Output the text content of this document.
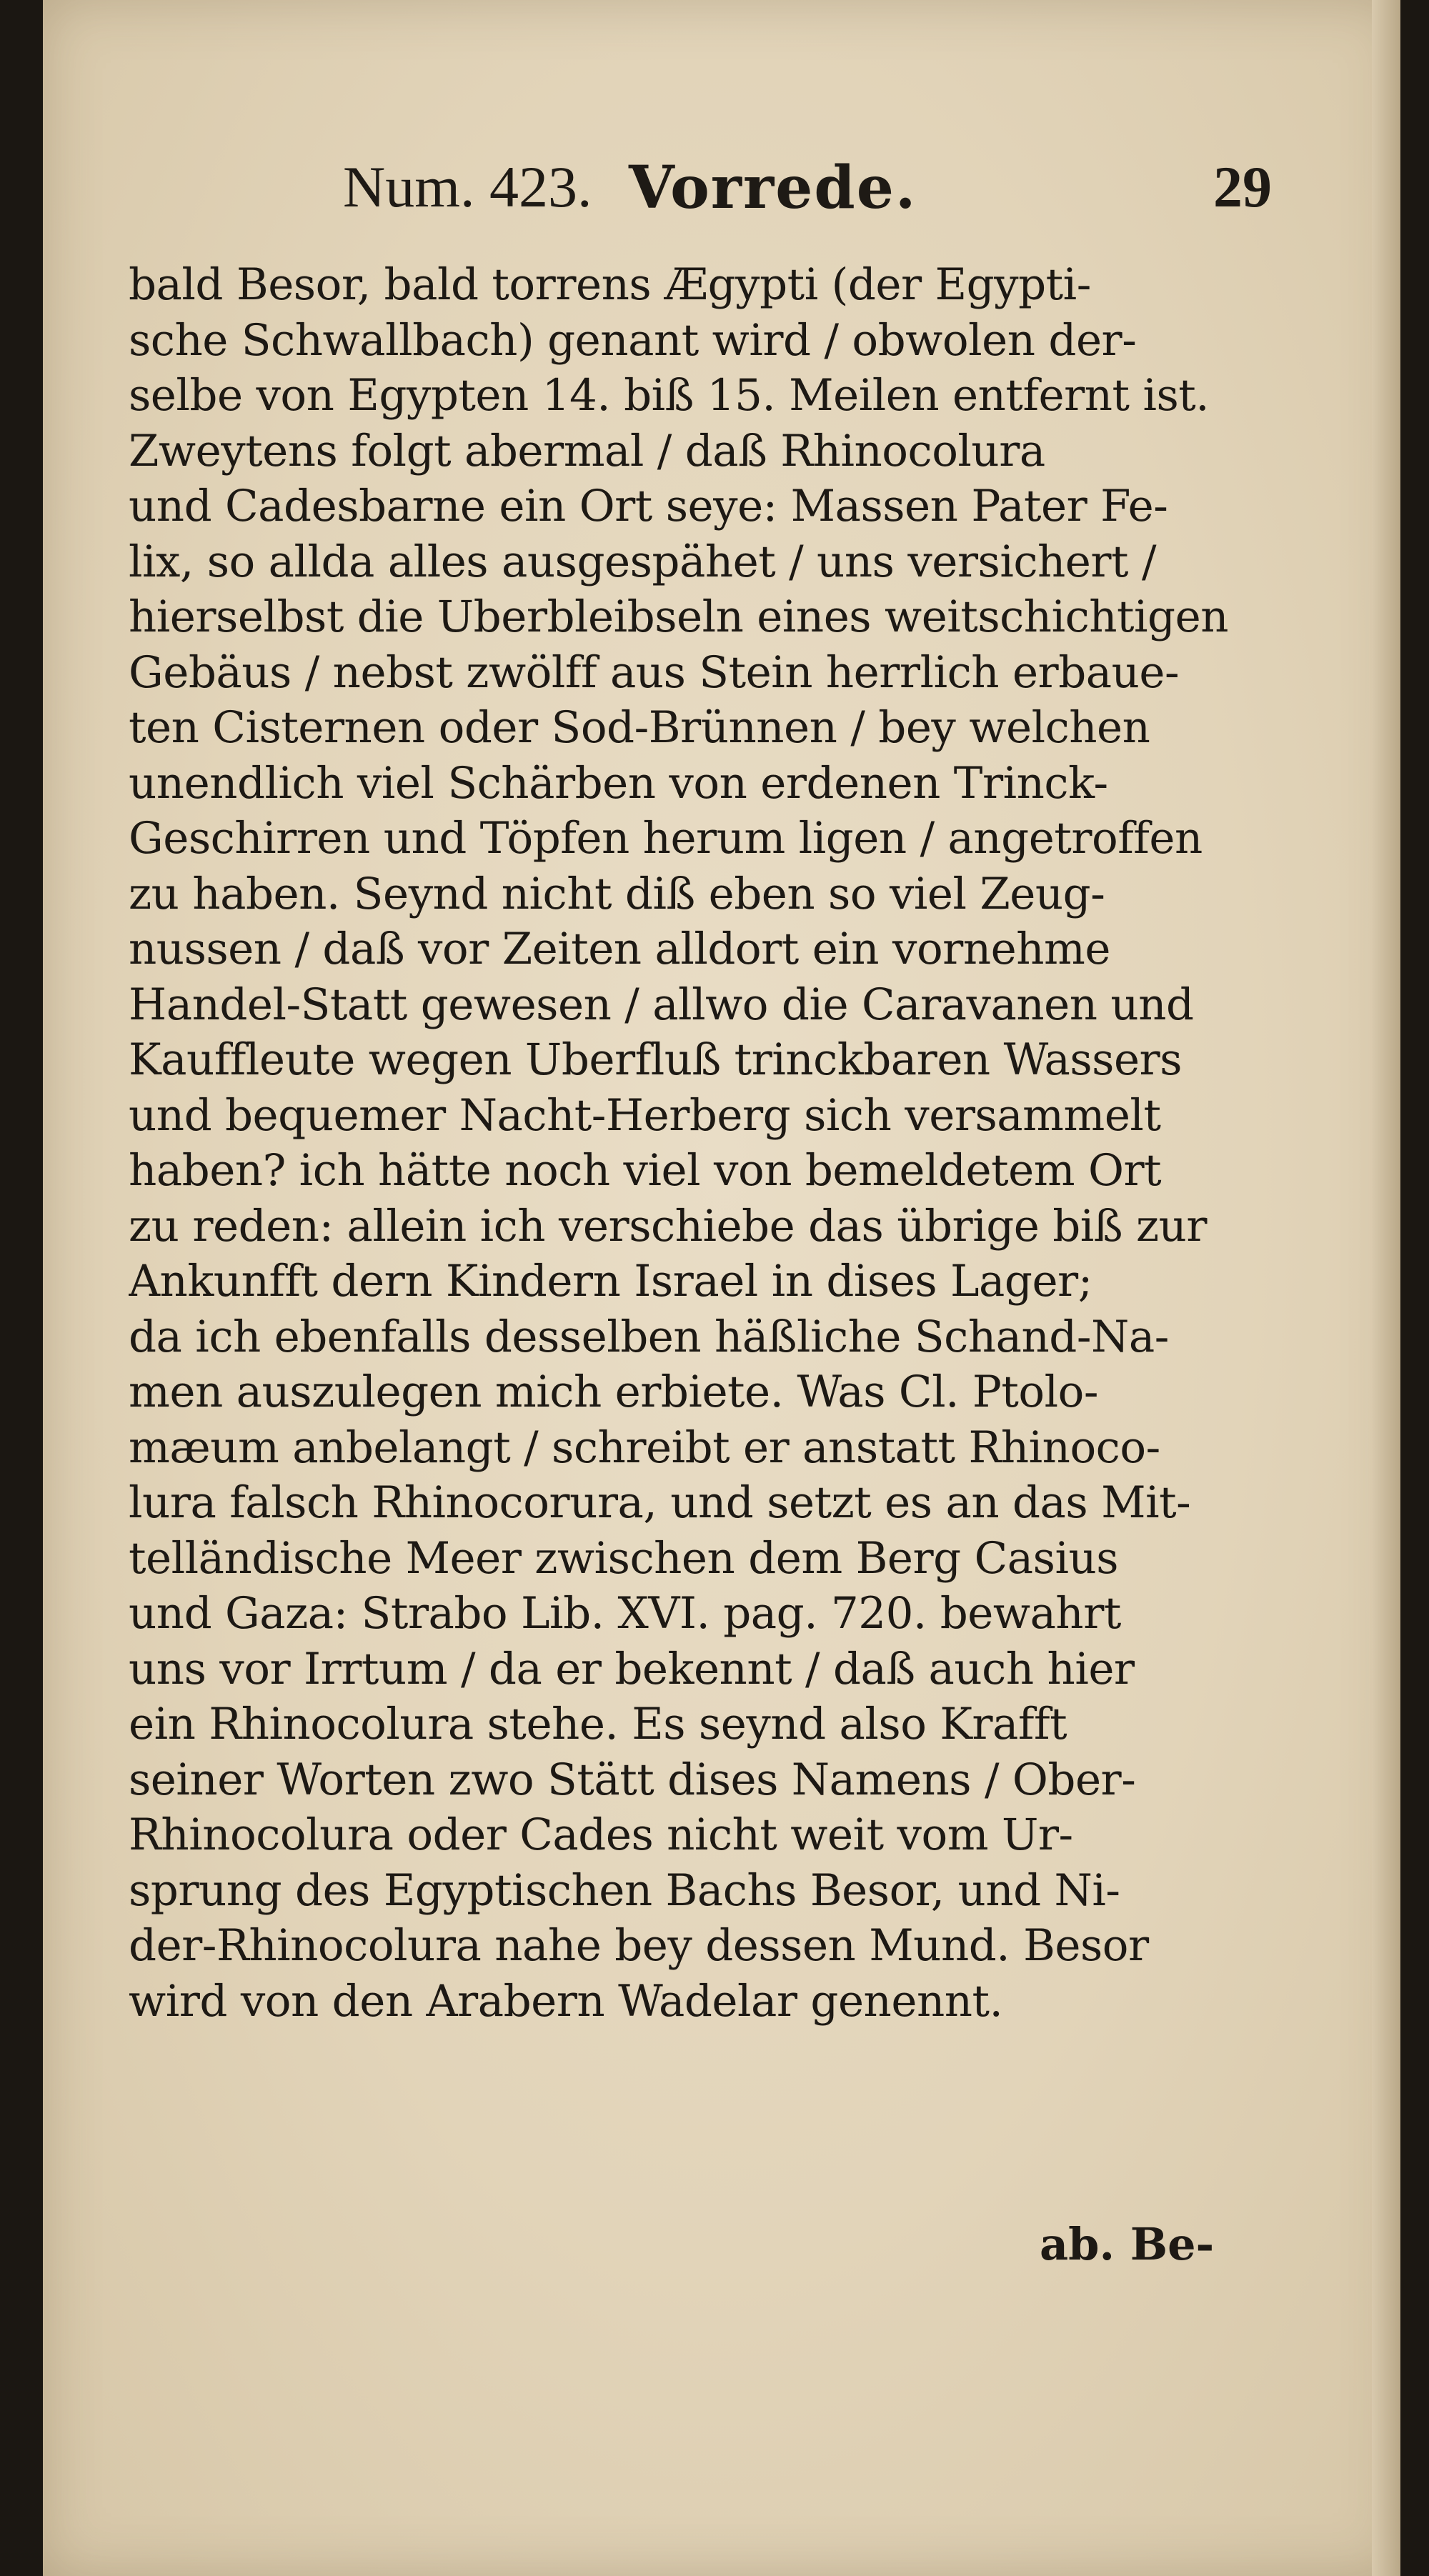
Num. 423. Vorrede.	29
bald Besor, bald torrens Ægypti (der Egypti-
sche Schwallbach) genant wird / obwolen der-
selbe von Egypten 14. biß 15. Meilen entfernt ist.
Zweytens folgt abermal / daß Rhinocolura
und Cadesbarne ein Ort seye: Massen Pater Fe-
lix, so allda alles ausgespähet / uns versichert /
hierselbst die Uberbleibseln eines weitschichtigen
Gebäus / nebst zwölff aus Stein herrlich erbaue-
ten Cisternen oder Sod-Brünnen / bey welchen
unendlich viel Schärben von erdenen Trinck-
Geschirren und Töpfen herum ligen / angetroffen
zu haben. Seynd nicht diß eben so viel Zeug-
nussen / daß vor Zeiten alldort ein vornehme
Handel-Statt gewesen / allwo die Caravanen und
Kauffleute wegen Uberfluß trinckbaren Wassers
und bequemer Nacht-Herberg sich versammelt
haben? ich hätte noch viel von bemeldetem Ort
zu reden: allein ich verschiebe das übrige biß zur
Ankunfft dern Kindern Israel in dises Lager;
da ich ebenfalls desselben häßliche Schand-Na-
men auszulegen mich erbiete. Was Cl. Ptolo-
mæum anbelangt / schreibt er anstatt Rhinoco-
lura falsch Rhinocorura, und setzt es an das Mit-
telländische Meer zwischen dem Berg Casius
und Gaza: Strabo Lib. XVI. pag. 720. bewahrt
uns vor Irrtum / da er bekennt / daß auch hier
ein Rhinocolura stehe. Es seynd also Krafft
seiner Worten zwo Stätt dises Namens / Ober-
Rhinocolura oder Cades nicht weit vom Ur-
sprung des Egyptischen Bachs Besor, und Ni-
der-Rhinocolura nahe bey dessen Mund. Besor
wird von den Arabern Wadelar genennt.
ab. Be-
